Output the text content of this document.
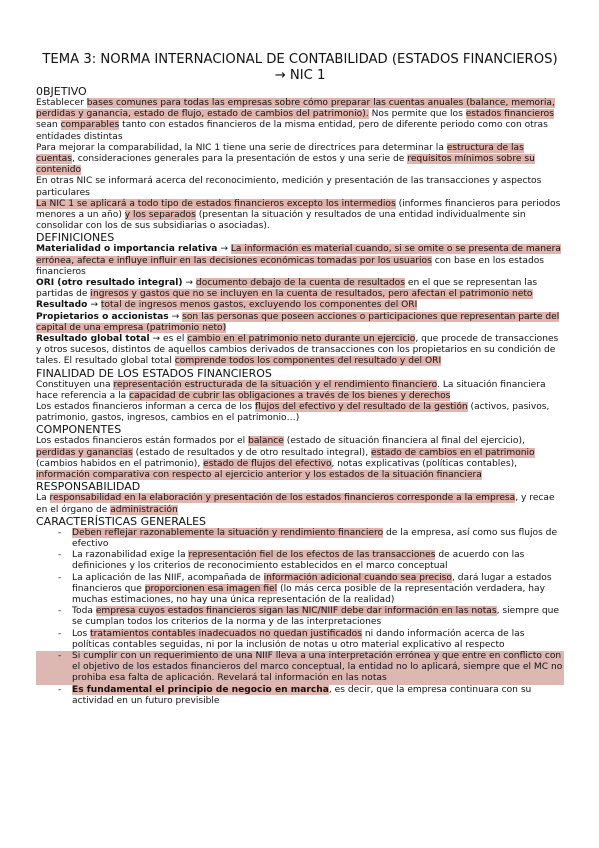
TEMA 3: NORMA INTERNACIONAL DE CONTABILIDAD (ESTADOS FINANCIEROS) → NIC 1
0BJETIVO
Establecer bases comunes para todas las empresas sobre cómo preparar las cuentas anuales (balance, memoria, perdidas y ganancia, estado de flujo, estado de cambios del patrimonio). Nos permite que los estados financieros sean comparables tanto con estados financieros de la misma entidad, pero de diferente periodo como con otras entidades distintas
Para mejorar la comparabilidad, la NIC 1 tiene una serie de directrices para determinar la estructura de las cuentas, consideraciones generales para la presentación de estos y una serie de requisitos mínimos sobre su contenido
En otras NIC se informará acerca del reconocimiento, medición y presentación de las transacciones y aspectos particulares
La NIC 1 se aplicará a todo tipo de estados financieros excepto los intermedios (informes financieros para periodos menores a un año) y los separados (presentan la situación y resultados de una entidad individualmente sin consolidar con los de sus subsidiarias o asociadas).
DEFINICIONES
Materialidad o importancia relativa → La información es material cuando, si se omite o se presenta de manera errónea, afecta e influye influir en las decisiones económicas tomadas por los usuarios con base en los estados financieros
ORI (otro resultado integral) → documento debajo de la cuenta de resultados en el que se representan las partidas de ingresos y gastos que no se incluyen en la cuenta de resultados, pero afectan el patrimonio neto
Resultado → total de ingresos menos gastos, excluyendo los componentes del ORI
Propietarios o accionistas → son las personas que poseen acciones o participaciones que representan parte del capital de una empresa (patrimonio neto)
Resultado global total → es el cambio en el patrimonio neto durante un ejercicio, que procede de transacciones y otros sucesos, distintos de aquellos cambios derivados de transacciones con los propietarios en su condición de tales. El resultado global total comprende todos los componentes del resultado y del ORI
FINALIDAD DE LOS ESTADOS FINANCIEROS
Constituyen una representación estructurada de la situación y el rendimiento financiero. La situación financiera hace referencia a la capacidad de cubrir las obligaciones a través de los bienes y derechos
Los estados financieros informan a cerca de los flujos del efectivo y del resultado de la gestión (activos, pasivos, patrimonio, gastos, ingresos, cambios en el patrimonio…)
COMPONENTES
Los estados financieros están formados por el balance (estado de situación financiera al final del ejercicio), perdidas y ganancias (estado de resultados y de otro resultado integral), estado de cambios en el patrimonio (cambios habidos en el patrimonio), estado de flujos del efectivo, notas explicativas (políticas contables), información comparativa con respecto al ejercicio anterior y los estados de la situación financiera
RESPONSABILIDAD
La responsabilidad en la elaboración y presentación de los estados financieros corresponde a la empresa, y recae en el órgano de administración
CARACTERÍSTICAS GENERALES
- Deben reflejar razonablemente la situación y rendimiento financiero de la empresa, así como sus flujos de efectivo
- La razonabilidad exige la representación fiel de los efectos de las transacciones de acuerdo con las definiciones y los criterios de reconocimiento establecidos en el marco conceptual
- La aplicación de las NIIF, acompañada de información adicional cuando sea preciso, dará lugar a estados financieros que proporcionen esa imagen fiel (lo más cerca posible de la representación verdadera, hay muchas estimaciones, no hay una única representación de la realidad)
- Toda empresa cuyos estados financieros sigan las NIC/NIIF debe dar información en las notas, siempre que se cumplan todos los criterios de la norma y de las interpretaciones
- Los tratamientos contables inadecuados no quedan justificados ni dando información acerca de las políticas contables seguidas, ni por la inclusión de notas u otro material explicativo al respecto
- Si cumplir con un requerimiento de una NIIF lleva a una interpretación errónea y que entre en conflicto con el objetivo de los estados financieros del marco conceptual, la entidad no lo aplicará, siempre que el MC no prohiba esa falta de aplicación. Revelará tal información en las notas
- Es fundamental el principio de negocio en marcha, es decir, que la empresa continuara con su actividad en un futuro previsible
